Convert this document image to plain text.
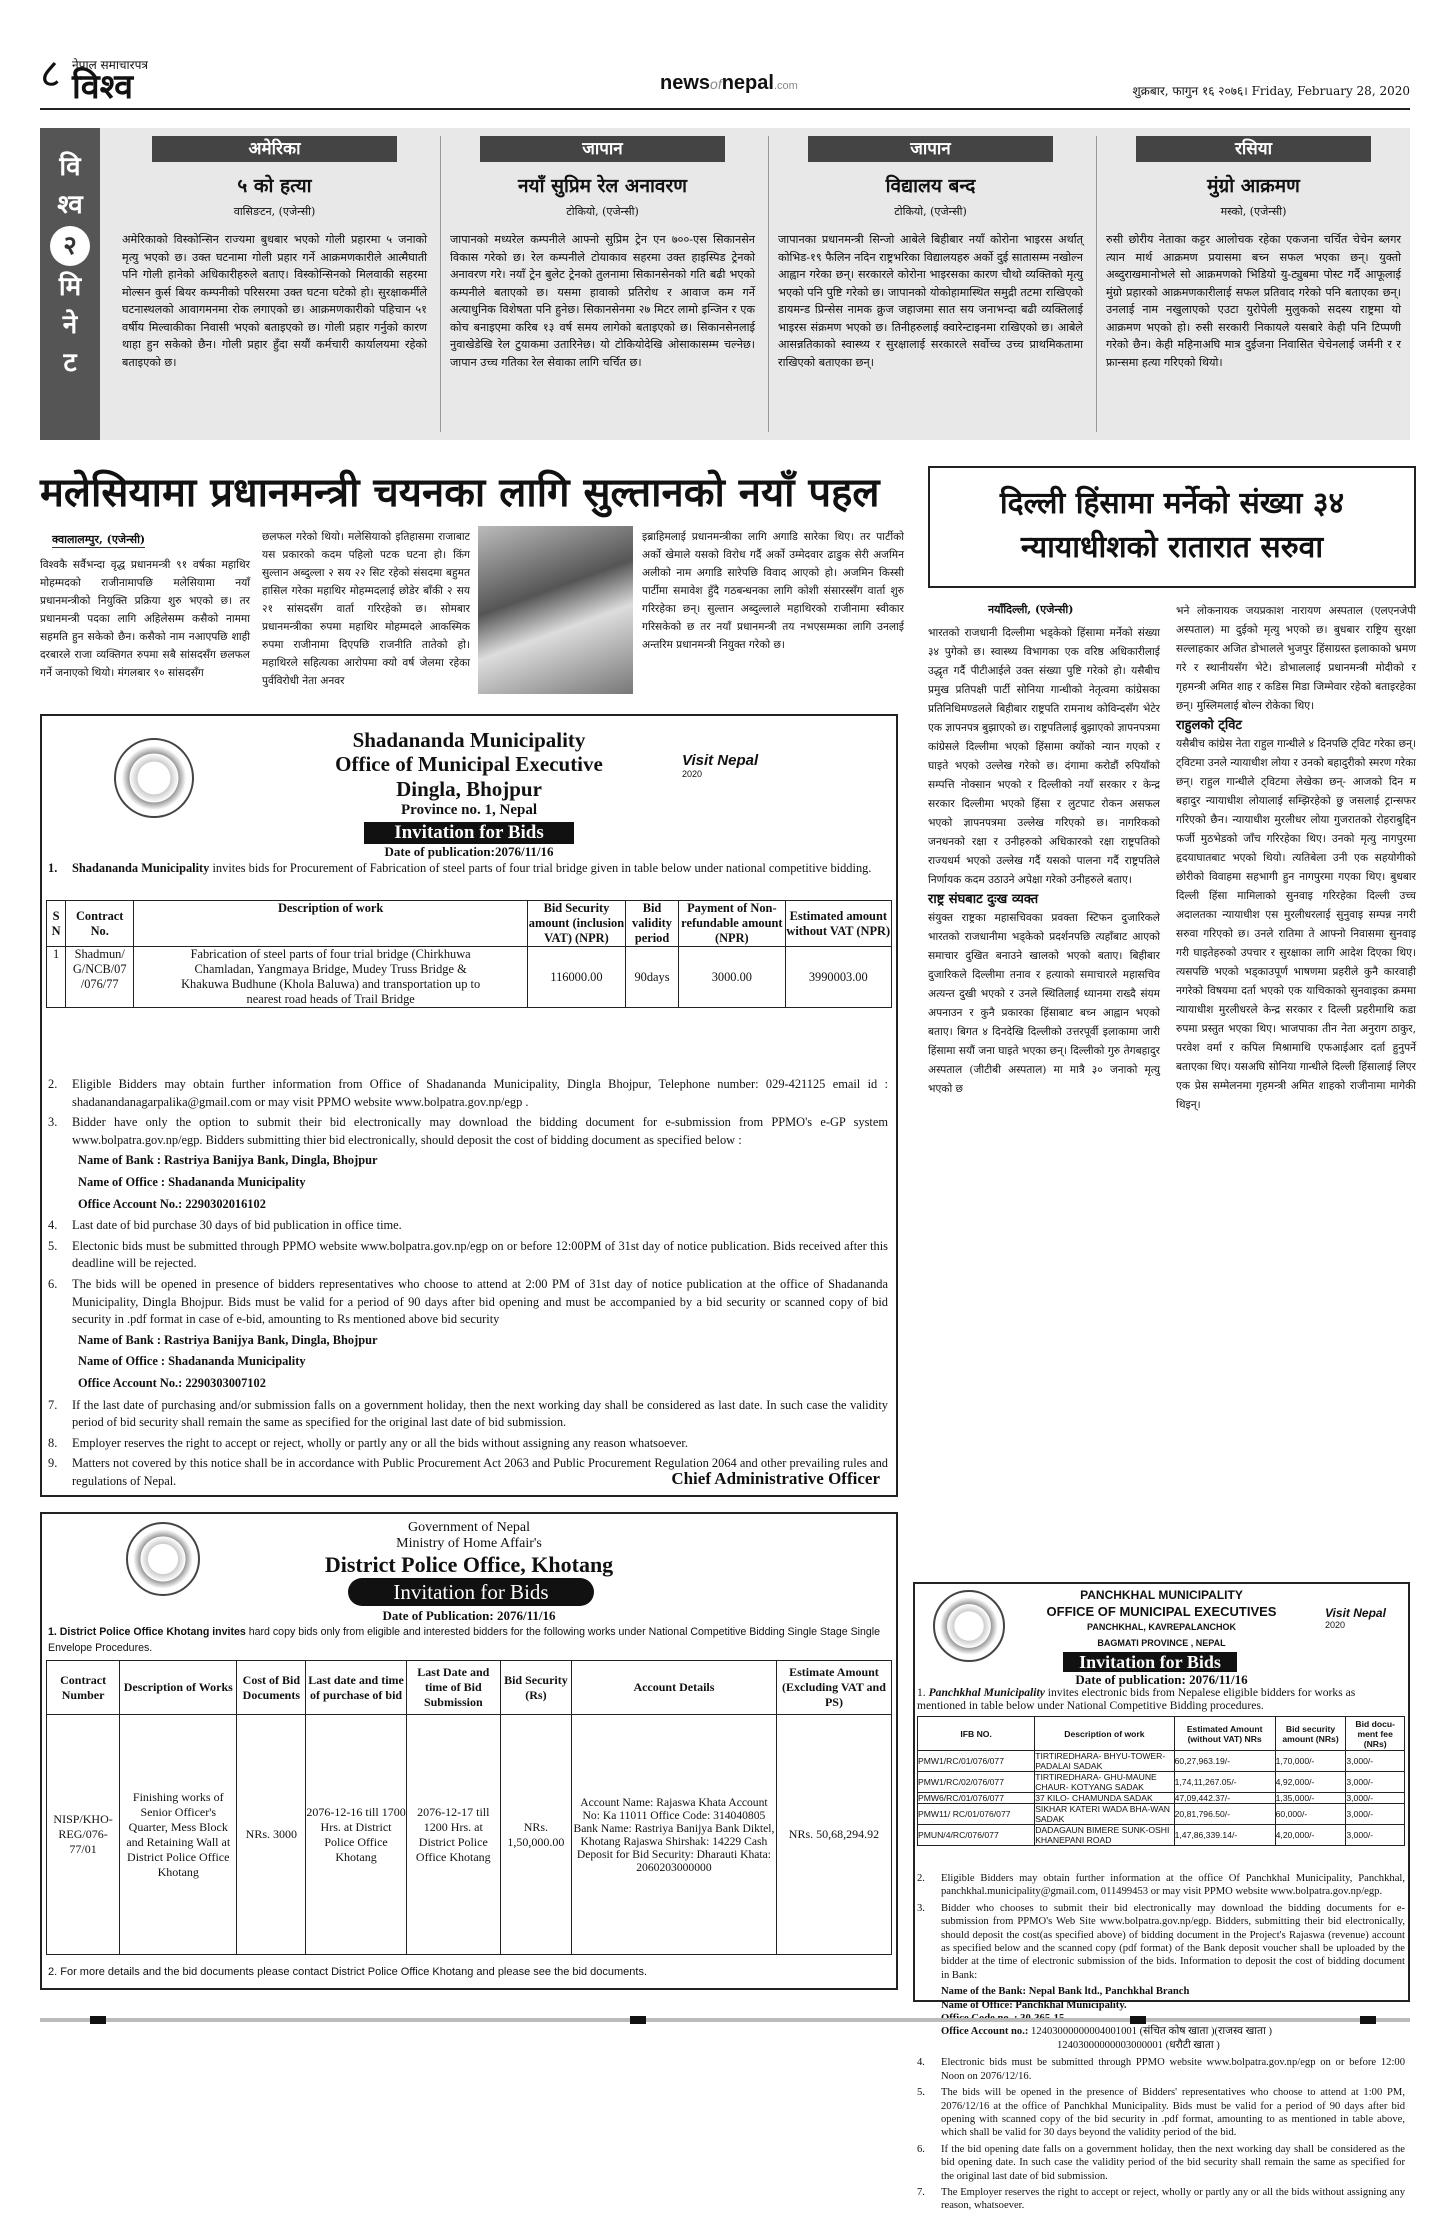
८ नेपाल समाचारपत्र
विश्व	newsofnepal.com	शुक्रबार, फागुन १६ २०७६। Friday, February 28, 2020
वि
श्व
२
मि
ने
ट
अमेरिका
५ को हत्या
वासिङटन, (एजेन्सी)
अमेरिकाको विस्कोन्सिन राज्यमा बुधबार भएको गोली प्रहारमा ५ जनाको मृत्यु भएको छ। उक्त घटनामा गोली प्रहार गर्ने आक्रमणकारीले आत्मैघाती पनि गोली हानेको अधिकारीहरुले बताए। विस्कोन्सिनको मिलवाकी सहरमा मोल्सन कुर्स बियर कम्पनीको परिसरमा उक्त घटना घटेको हो। सुरक्षाकर्मीले घटनास्थलको आवागमनमा रोक लगाएको छ। आक्रमणकारीको पहिचान ५१ वर्षीय मिल्वाकीका निवासी भएको बताइएको छ। गोली प्रहार गर्नुको कारण थाहा हुन सकेको छैन। गोली प्रहार हुँदा सयौं कर्मचारी कार्यालयमा रहेको बताइएको छ।
जापान
नयाँ सुप्रिम रेल अनावरण
टोकियो, (एजेन्सी)
जापानको मध्यरेल कम्पनीले आफ्नो सुप्रिम ट्रेन एन ७००-एस सिकानसेन विकास गरेको छ। रेल कम्पनीले टोयाकाव सहरमा उक्त हाइस्पिड ट्रेनको अनावरण गरे। नयाँ ट्रेन बुलेट ट्रेनको तुलनामा सिकानसेनको गति बढी भएको कम्पनीले बताएको छ। यसमा हावाको प्रतिरोध र आवाज कम गर्ने अत्याधुनिक विशेषता पनि हुनेछ। सिकानसेनमा २७ मिटर लामो इन्जिन र एक कोच बनाइएमा करिब १३ वर्ष समय लागेको बताइएको छ। सिकानसेनलाई नुवाखेडेखि रेल टुयाकमा उतारिनेछ। यो टोकियोदेखि ओसाकासम्म चल्नेछ। जापान उच्च गतिका रेल सेवाका लागि चर्चित छ।
जापान
विद्यालय बन्द
टोकियो, (एजेन्सी)
जापानका प्रधानमन्त्री सिन्जो आबेले बिहीबार नयाँ कोरोना भाइरस अर्थात् कोभिड-१९ फैलिन नदिन राष्ट्रभरिका विद्यालयहरु अर्को दुई सातासम्म नखोल्न आह्वान गरेका छन्। सरकारले कोरोना भाइरसका कारण चौथो व्यक्तिको मृत्यु भएको पनि पुष्टि गरेको छ। जापानको योकोहामास्थित समुद्री तटमा राखिएको डायमन्ड प्रिन्सेस नामक क्रुज जहाजमा सात सय जनाभन्दा बढी व्यक्तिलाई भाइरस संक्रमण भएको छ। तिनीहरुलाई क्वारेन्टाइनमा राखिएको छ। आबेले आसन्नतिकाको स्वास्थ्य र सुरक्षालाई सरकारले सर्वोच्च उच्च प्राथमिकतामा राखिएको बताएका छन्।
रसिया
मुंग्रो आक्रमण
मस्को, (एजेन्सी)
रुसी छोरीय नेताका कट्टर आलोचक रहेका एकजना चर्चित चेचेन ब्लगर त्यान मार्थ आक्रमण प्रयासमा बच्न सफल भएका छन्। युक्तो अब्दुराखमानोभले सो आक्रमणको भिडियो यु-ट्युबमा पोस्ट गर्दै आफूलाई मुंग्रो प्रहारको आक्रमणकारीलाई सफल प्रतिवाद गरेको पनि बताएका छन्। उनलाई नाम नखुलाएको एउटा युरोपेली मुलुकको सदस्य राष्ट्रमा यो आक्रमण भएको हो। रुसी सरकारी निकायले यसबारे केही पनि टिप्पणी गरेको छैन। केही महिनाअघि मात्र दुईजना निवासित चेचेनलाई जर्मनी र र फ्रान्समा हत्या गरिएको थियो।
मलेसियामा प्रधानमन्त्री चयनका लागि सुल्तानको नयाँ पहल
क्वालालम्पुर, (एजेन्सी)
विश्वकै सर्वैभन्दा वृद्ध प्रधानमन्त्री ९१ वर्षका महाथिर मोहम्मदको राजीनामापछि मलेसियामा नयाँ प्रधानमन्त्रीको नियुक्ति प्रक्रिया शुरु भएको छ। तर प्रधानमन्त्री पदका लागि अहिलेसम्म कसैको नाममा सहमति हुन सकेको छैन। कसैको नाम नआएपछि शाही दरबारले राजा व्यक्तिगत रुपमा सबै सांसदसँग छलफल गर्ने जनाएको थियो। मंगलबार ९० सांसदसँग
छलफल गरेको थियो। मलेसियाको इतिहासमा राजाबाट यस प्रकारको कदम पहिलो पटक घटना हो। किंग सुल्तान अब्दुल्ला २ सय २२ सिट रहेको संसदमा बहुमत हासिल गरेका महाथिर मोहम्मदलाई छोडेर बाँकी २ सय २१ सांसदसँग वार्ता गरिरहेको छ। सोमबार प्रधानमन्त्रीका रुपमा महाथिर मोहम्मदले आकस्मिक रुपमा राजीनामा दिएपछि राजनीति तातेको हो। महाथिरले सहित्यका आरोपमा क्यो वर्ष जेलमा रहेका पुर्वविरोधी नेता अनवर
इब्राहिमलाई प्रधानमन्त्रीका लागि अगाडि सारेका थिए। तर पार्टीको अर्को खेमाले यसको विरोध गर्दै अर्को उम्मेदवार ढाडुक सेरी अजमिन अलीको नाम अगाडि सारेपछि विवाद आएको हो। अजमिन किस्सी पार्टीमा समावेश हुँदै गठबन्धनका लागि कोशी संसारस्सँग वार्ता शुरु गरिरहेका छन्। सुल्तान अब्दुल्लाले महाथिरको राजीनामा स्वीकार गरिसकेको छ तर नयाँ प्रधानमन्त्री तय नभएसम्मका लागि उनलाई अन्तरिम प्रधानमन्त्री नियुक्त गरेको छ।
दिल्ली हिंसामा मर्नेको संख्या ३४
न्यायाधीशको रातारात सरुवा
नयाँदिल्ली, (एजेन्सी)
भारतको राजधानी दिल्लीमा भड्केको हिंसामा मर्नेको संख्या ३४ पुगेको छ। स्वास्थ्य विभागका एक वरिष्ठ अधिकारीलाई उद्धृत गर्दै पीटीआईले उक्त संख्या पुष्टि गरेको हो। यसैबीच प्रमुख प्रतिपक्षी पार्टी सोनिया गान्धीको नेतृत्वमा कांग्रेसका प्रतिनिधिमण्डलले बिहीबार राष्ट्रपति रामनाथ कोविन्दसँग भेटेर एक ज्ञापनपत्र बुझाएको छ। राष्ट्रपतिलाई बुझाएको ज्ञापनपत्रमा कांग्रेसले दिल्लीमा भएको हिंसामा क्योंको न्यान गएको र घाइते भएको उल्लेख गरेको छ। दंगामा करोडौं रुपियाँको सम्पत्ति नोक्सान भएको र दिल्लीको नयाँ सरकार र केन्द्र सरकार दिल्लीमा भएको हिंसा र लुटपाट रोकन असफल भएको ज्ञापनपत्रमा उल्लेख गरिएको छ। नागरिकको जनधनको रक्षा र उनीहरुको अधिकारको रक्षा राष्ट्रपतिको राज्यधर्म भएको उल्लेख गर्दै यसको पालना गर्दै राष्ट्रपतिले निर्णायक कदम उठाउने अपेक्षा गरेको उनीहरुले बताए।
राष्ट्र संघबाट दुःख व्यक्त
संयुक्त राष्ट्रका महासचिवका प्रवक्ता स्टिफन दुजारिकले भारतको राजधानीमा भड्केको प्रदर्शनपछि त्यहाँबाट आएको समाचार दुखित बनाउने खालको भएको बताए। बिहीबार दुजारिकले दिल्लीमा तनाव र हत्याको समाचारले महासचिव अत्यन्त दुखी भएको र उनले स्थितिलाई ध्यानमा राख्दै संयम अपनाउन र कुनै प्रकारका हिंसाबाट बच्न आह्वान भएको बताए। बिगत ४ दिनदेखि दिल्लीको उत्तरपूर्वी इलाकामा जारी हिंसामा सयौं जना घाइते भएका छन्। दिल्लीको गुरु तेगबहादुर अस्पताल (जीटीबी अस्पताल) मा मात्रै ३० जनाको मृत्यु भएको छ
भने लोकनायक जयप्रकाश नारायण अस्पताल (एलएनजेपी अस्पताल) मा दुईको मृत्यु भएको छ। बुधबार राष्ट्रिय सुरक्षा सल्लाहकार अजित डोभालले भुजपुर हिंसाग्रस्त इलाकाको भ्रमण गरे र स्थानीयसँग भेटे। डोभाललाई प्रधानमन्त्री मोदीको र गृहमन्त्री अमित शाह र कडिस मिडा जिम्मेवार रहेको बताइरहेका छन्। मुस्लिमलाई बोल्न रोकेका थिए।
राहुलको ट्विट
यसैबीच कांग्रेस नेता राहुल गान्धीले ४ दिनपछि ट्विट गरेका छन्। ट्विटमा उनले न्यायाधीश लोया र उनको बहादुरीको स्मरण गरेका छन्। राहुल गान्धीले ट्विटमा लेखेका छन्- आजको दिन म बहादुर न्यायाधीश लोयालाई सम्झिरहेको छु जसलाई ट्रान्सफर गरिएको छैन। न्यायाधीश मुरलीधर लोया गुजरातको रोहराबुद्दिन फर्जी मुठभेडको जाँच गरिरहेका थिए। उनको मृत्यु नागपुरमा हृदयाघातबाट भएको थियो। त्यतिबेला उनी एक सहयोगीको छोरीको विवाहमा सहभागी हुन नागपुरमा गएका थिए। बुधबार दिल्ली हिंसा मामिलाको सुनवाइ गरिरहेका दिल्ली उच्च अदालतका न्यायाधीश एस मुरलीधरलाई सुनुवाइ सम्पन्न नगरी सरुवा गरिएको छ। उनले रातिमा ते आफ्नो निवासमा सुनवाइ गरी घाइतेहरुको उपचार र सुरक्षाका लागि आदेश दिएका थिए। त्यसपछि भएको भड्काउपूर्ण भाषणमा प्रहरीले कुनै कारवाही नगरेको विषयमा दर्ता भएको एक याचिकाको सुनवाइका क्रममा न्यायाधीश मुरलीधरले केन्द्र सरकार र दिल्ली प्रहरीमाथि कडा रुपमा प्रस्तुत भएका थिए। भाजपाका तीन नेता अनुराग ठाकुर, परवेश वर्मा र कपिल मिश्रामाथि एफआईआर दर्ता हुनुपर्ने बताएका थिए। यसअघि सोनिया गान्धीले दिल्ली हिंसालाई लिएर एक प्रेस सम्मेलनमा गृहमन्त्री अमित शाहको राजीनामा मागेकी थिइन्।
Visit Nepal
2020
Shadananda Municipality
Office of Municipal Executive
Dingla, Bhojpur
Province no. 1, Nepal
Invitation for Bids
Date of publication:2076/11/16
1. Shadananda Municipality invites bids for Procurement of Fabrication of steel parts of four trial bridge given in table below under national competitive bidding.
S N	Contract No.	Description of work	Bid Security amount (inclusion VAT) (NPR)	Bid validity period	Payment of Non-refundable amount (NPR)	Estimated amount without VAT (NPR)
1	Shadmun/ G/NCB/07 /076/77	Fabrication of steel parts of four trial bridge (Chirkhuwa Chamladan, Yangmaya Bridge, Mudey Truss Bridge & Khakuwa Budhune (Khola Baluwa) and transportation up to nearest road heads of Trail Bridge	116000.00	90days	3000.00	3990003.00
2. Eligible Bidders may obtain further information from Office of Shadananda Municipality, Dingla Bhojpur, Telephone number: 029-421125 email id : shadanandanagarpalika@gmail.com or may visit PPMO website www.bolpatra.gov.np/egp .
3. Bidder have only the option to submit their bid electronically may download the bidding document for e-submission from PPMO's e-GP system www.bolpatra.gov.np/egp. Bidders submitting thier bid electronically, should deposit the cost of bidding document as specified below :
Name of Bank : Rastriya Banijya Bank, Dingla, Bhojpur
Name of Office : Shadananda Municipality
Office Account No.: 2290302016102
4. Last date of bid purchase 30 days of bid publication in office time.
5. Electonic bids must be submitted through PPMO website www.bolpatra.gov.np/egp on or before 12:00PM of 31st day of notice publication. Bids received after this deadline will be rejected.
6. The bids will be opened in presence of bidders representatives who choose to attend at 2:00 PM of 31st day of notice publication at the office of Shadananda Municipality, Dingla Bhojpur. Bids must be valid for a period of 90 days after bid opening and must be accompanied by a bid security or scanned copy of bid security in .pdf format in case of e-bid, amounting to Rs mentioned above bid security
Name of Bank : Rastriya Banijya Bank, Dingla, Bhojpur
Name of Office : Shadananda Municipality
Office Account No.: 2290303007102
7. If the last date of purchasing and/or submission falls on a government holiday, then the next working day shall be considered as last date. In such case the validity period of bid security shall remain the same as specified for the original last date of bid submission.
8. Employer reserves the right to accept or reject, wholly or partly any or all the bids without assigning any reason whatsoever.
9. Matters not covered by this notice shall be in accordance with Public Procurement Act 2063 and Public Procurement Regulation 2064 and other prevailing rules and regulations of Nepal.	Chief Administrative Officer
Government of Nepal
Ministry of Home Affair's
District Police Office, Khotang
Invitation for Bids
Date of Publication: 2076/11/16
1. District Police Office Khotang invites hard copy bids only from eligible and interested bidders for the following works under National Competitive Bidding Single Stage Single Envelope Procedures.
Contract Number	Description of Works	Cost of Bid Documents	Last date and time of purchase of bid	Last Date and time of Bid Submission	Bid Security (Rs)	Account Details	Estimate Amount (Excluding VAT and PS)
NISP/KHO-REG/076-77/01	Finishing works of Senior Officer's Quarter, Mess Block and Retaining Wall at District Police Office Khotang	NRs. 3000	2076-12-16 till 1700 Hrs. at District Police Office Khotang	2076-12-17 till 1200 Hrs. at District Police Office Khotang	NRs. 1,50,000.00	Account Name: Rajaswa Khata Account No: Ka 11011 Office Code: 314040805 Bank Name: Rastriya Banijya Bank Diktel, Khotang Rajaswa Shirshak: 14229 Cash Deposit for Bid Security: Dharauti Khata: 2060203000000	NRs. 50,68,294.92
2. For more details and the bid documents please contact District Police Office Khotang and please see the bid documents.
Visit Nepal
2020
PANCHKHAL MUNICIPALITY
OFFICE OF MUNICIPAL EXECUTIVES
PANCHKHAL, KAVREPALANCHOK
BAGMATI PROVINCE , NEPAL
Invitation for Bids
Date of publication: 2076/11/16
1. Panchkhal Municipality invites electronic bids from Nepalese eligible bidders for works as mentioned in table below under National Competitive Bidding procedures.
IFB NO.	Description of work	Estimated Amount (without VAT) NRs	Bid security amount (NRs)	Bid docu-ment fee (NRs)
PMW1/RC/01/076/077	TIRTIREDHARA- BHYU-TOWER- PADALAI SADAK	60,27,963.19/-	1,70,000/-	3,000/-
PMW1/RC/02/076/077	TIRTIREDHARA- GHU-MAUNE CHAUR- KOTYANG SADAK	1,74,11,267.05/-	4,92,000/-	3,000/-
PMW6/RC/01/076/077	37 KILO- CHAMUNDA SADAK	47,09,442.37/-	1,35,000/-	3,000/-
PMW11/ RC/01/076/077	SIKHAR KATERI WADA BHA-WAN SADAK	20,81,796.50/-	60,000/-	3,000/-
PMUN/4/RC/076/077	DADAGAUN BIMERE SUNK-OSHI KHANEPANI ROAD	1,47,86,339.14/-	4,20,000/-	3,000/-
2. Eligible Bidders may obtain further information at the office Of Panchkhal Municipality, Panchkhal, panchkhal.municipality@gmail.com, 011499453 or may visit PPMO website www.bolpatra.gov.np/egp.
3. Bidder who chooses to submit their bid electronically may download the bidding documents for e-submission from PPMO's Web Site www.bolpatra.gov.np/egp. Bidders, submitting their bid electronically, should deposit the cost(as specified above) of bidding document in the Project's Rajaswa (revenue) account as specified below and the scanned copy (pdf format) of the Bank deposit voucher shall be uploaded by the bidder at the time of electronic submission of the bids. Information to deposit the cost of bidding document in Bank:
Name of the Bank: Nepal Bank ltd., Panchkhal Branch
Name of Office: Panchkhal Municipality.
Office Account no.: 12403000000004001001 (संचित कोष खाता )(राजस्व खाता )
12403000000003000001 (धरौटी खाता )
4. Electronic bids must be submitted through PPMO website www.bolpatra.gov.np/egp on or before 12:00 Noon on 2076/12/16.
5. The bids will be opened in the presence of Bidders' representatives who choose to attend at 1:00 PM, 2076/12/16 at the office of Panchkhal Municipality. Bids must be valid for a period of 90 days after bid opening with scanned copy of the bid security in .pdf format, amounting to as mentioned in table above, which shall be valid for 30 days beyond the validity period of the bid.
6. If the bid opening date falls on a government holiday, then the next working day shall be considered as the bid opening date. In such case the validity period of the bid security shall remain the same as specified for the original last date of bid submission.
7. The Employer reserves the right to accept or reject, wholly or partly any or all the bids without assigning any reason, whatsoever.
